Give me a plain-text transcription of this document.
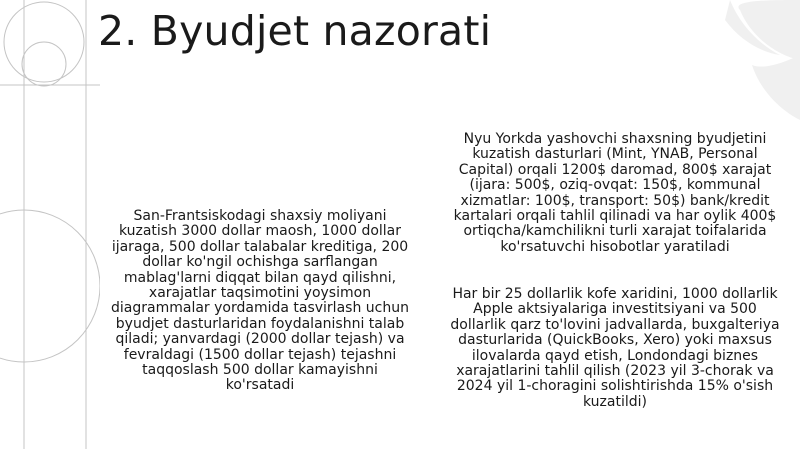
2. Byudjet nazorati

San-Frantsiskodagi shaxsiy moliyani kuzatish 3000 dollar maosh, 1000 dollar ijaraga, 500 dollar talabalar kreditiga, 200 dollar ko'ngil ochishga sarflangan mablag'larni diqqat bilan qayd qilishni, xarajatlar taqsimotini yoysimon diagrammalar yordamida tasvirlash uchun byudjet dasturlaridan foydalanishni talab qiladi; yanvardagi (2000 dollar tejash) va fevraldagi (1500 dollar tejash) tejashni taqqoslash 500 dollar kamayishni ko'rsatadi

Nyu Yorkda yashovchi shaxsning byudjetini kuzatish dasturlari (Mint, YNAB, Personal Capital) orqali 1200$ daromad, 800$ xarajat (ijara: 500$, oziq-ovqat: 150$, kommunal xizmatlar: 100$, transport: 50$) bank/kredit kartalari orqali tahlil qilinadi va har oylik 400$ ortiqcha/kamchilikni turli xarajat toifalarida ko'rsatuvchi hisobotlar yaratiladi

Har bir 25 dollarlik kofe xaridini, 1000 dollarlik Apple aktsiyalariga investitsiyani va 500 dollarlik qarz to'lovini jadvallarda, buxgalteriya dasturlarida (QuickBooks, Xero) yoki maxsus ilovalarda qayd etish, Londondagi biznes xarajatlarini tahlil qilish (2023 yil 3-chorak va 2024 yil 1-choragini solishtirishda 15% o'sish kuzatildi)
